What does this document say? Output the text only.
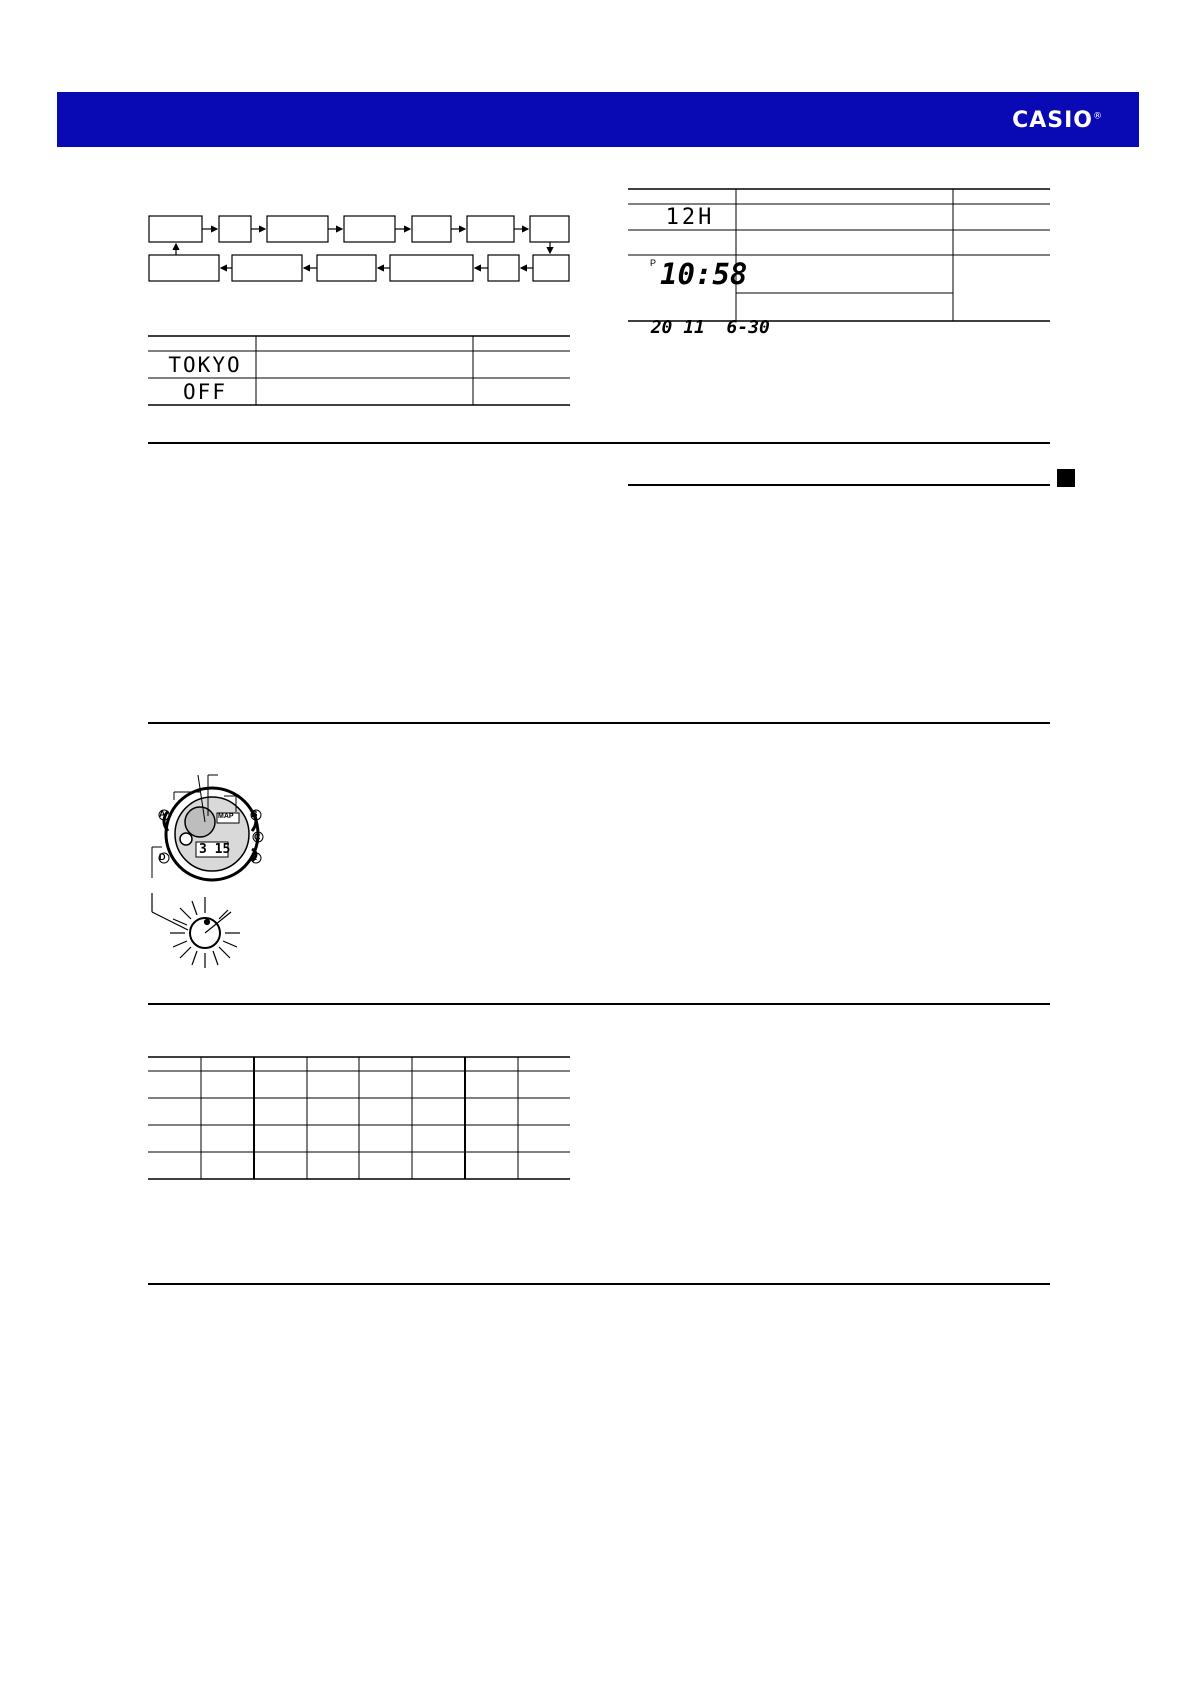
CASIO®
TOKYO
OFF
12H
P 10:58

20 11  6-30

A	B
C
D	E
MAP
3 15
